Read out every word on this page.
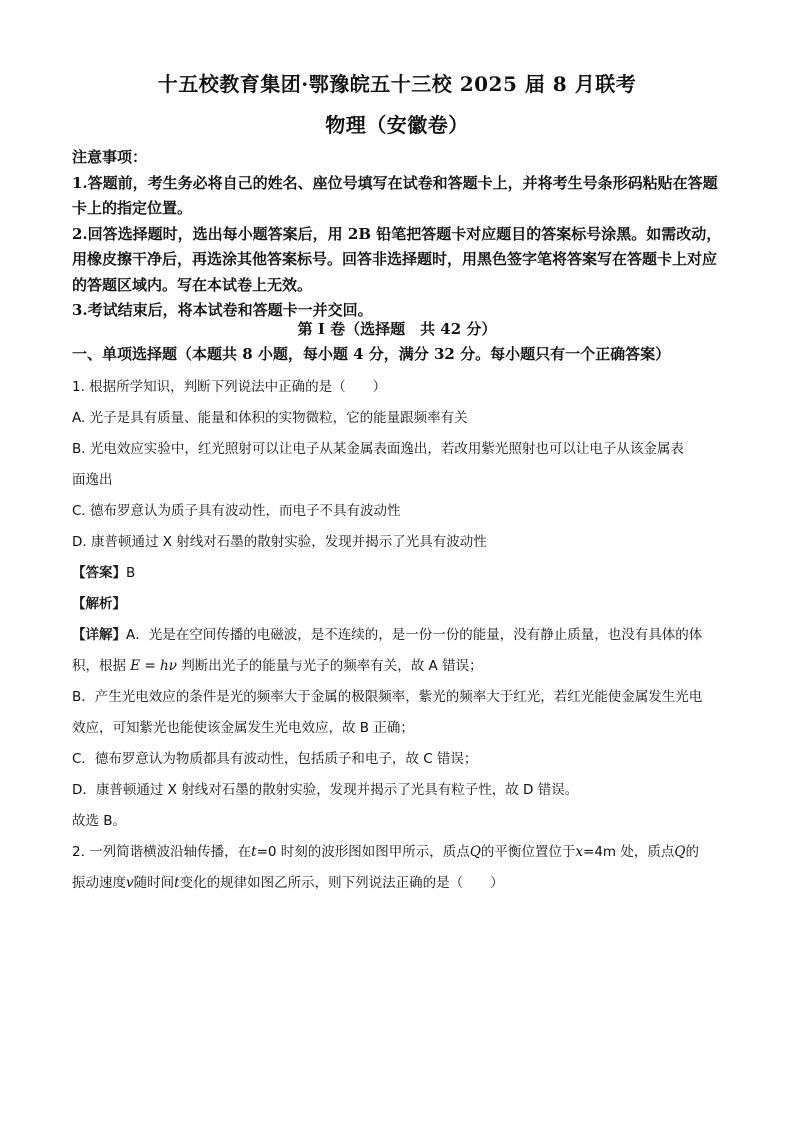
十五校教育集团·鄂豫皖五十三校 2025 届 8 月联考
物理（安徽卷）

注意事项：

1.答题前，考生务必将自己的姓名、座位号填写在试卷和答题卡上，并将考生号条形码粘贴在答题卡上的指定位置。

2.回答选择题时，选出每小题答案后，用 2B 铅笔把答题卡对应题目的答案标号涂黑。如需改动，用橡皮擦干净后，再选涂其他答案标号。回答非选择题时，用黑色签字笔将答案写在答题卡上对应的答题区域内。写在本试卷上无效。

3.考试结束后，将本试卷和答题卡一并交回。

第 I 卷（选择题　共 42 分）
一、单项选择题（本题共 8 小题，每小题 4 分，满分 32 分。每小题只有一个正确答案）

1. 根据所学知识，判断下列说法中正确的是（　　）

A. 光子是具有质量、能量和体积的实物微粒，它的能量跟频率有关

B. 光电效应实验中，红光照射可以让电子从某金属表面逸出，若改用紫光照射也可以让电子从该金属表

面逸出

C. 德布罗意认为质子具有波动性，而电子不具有波动性

D. 康普顿通过 X 射线对石墨的散射实验，发现并揭示了光具有波动性

【答案】B

【解析】

【详解】A．光是在空间传播的电磁波，是不连续的，是一份一份的能量，没有静止质量，也没有具体的体

积，根据 E = hν 判断出光子的能量与光子的频率有关，故 A 错误；

B．产生光电效应的条件是光的频率大于金属的极限频率，紫光的频率大于红光，若红光能使金属发生光电

效应，可知紫光也能使该金属发生光电效应，故 B 正确；

C．德布罗意认为物质都具有波动性，包括质子和电子，故 C 错误；

D．康普顿通过 X 射线对石墨的散射实验，发现并揭示了光具有粒子性，故 D 错误。

故选 B。

2. 一列简谐横波沿轴传播，在t=0 时刻的波形图如图甲所示，质点Q的平衡位置位于x=4m 处，质点Q的

振动速度v随时间t变化的规律如图乙所示，则下列说法正确的是（　　）
